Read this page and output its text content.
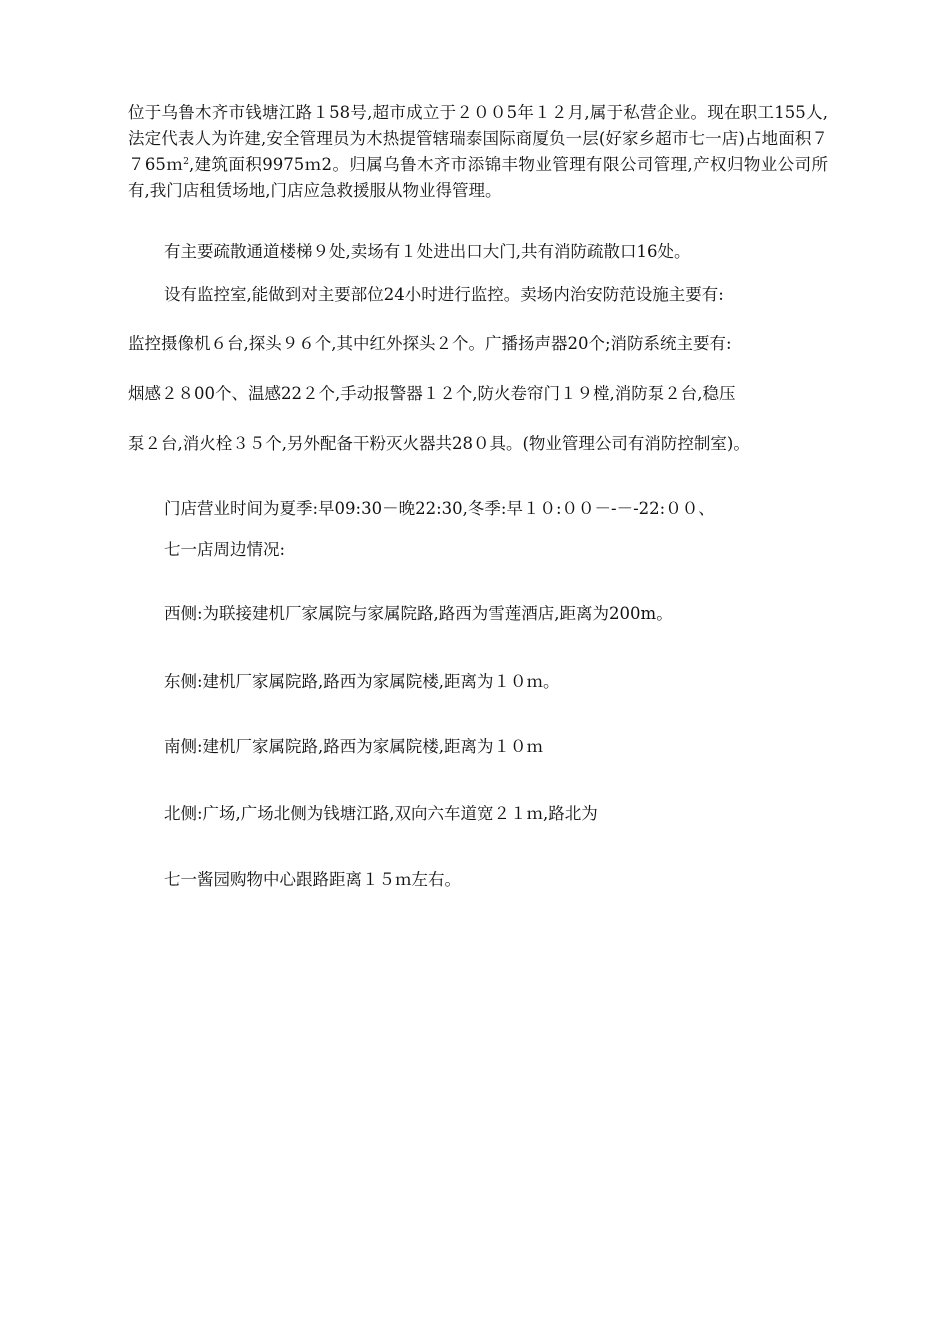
位于乌鲁木齐市钱塘江路１58号,超市成立于２００5年１２月,属于私营企业。现在职工155人,法定代表人为许建,安全管理员为木热提管辖瑞泰国际商厦负一层(好家乡超市七一店)占地面积７７65ｍ$^2$,建筑面积9975ｍ2。归属乌鲁木齐市添锦丰物业管理有限公司管理,产权归物业公司所有,我门店租赁场地,门店应急救援服从物业得管理。

有主要疏散通道楼梯９处,卖场有１处进出口大门,共有消防疏散口16处。

设有监控室,能做到对主要部位24小时进行监控。卖场内治安防范设施主要有:

监控摄像机６台,探头９６个,其中红外探头２个。广播扬声器20个;消防系统主要有:

烟感２８00个、温感22２个,手动报警器１２个,防火卷帘门１９樘,消防泵２台,稳压

泵２台,消火栓３５个,另外配备干粉灭火器共28０具。(物业管理公司有消防控制室)。

门店营业时间为夏季:早09:30－晚22:30,冬季:早１０:００－-－-22:００、

七一店周边情况:

西侧:为联接建机厂家属院与家属院路,路西为雪莲酒店,距离为200m。

东侧:建机厂家属院路,路西为家属院楼,距离为１０ｍ。

南侧:建机厂家属院路,路西为家属院楼,距离为１０ｍ

北侧:广场,广场北侧为钱塘江路,双向六车道宽２１ｍ,路北为

七一酱园购物中心跟路距离１５ｍ左右。
